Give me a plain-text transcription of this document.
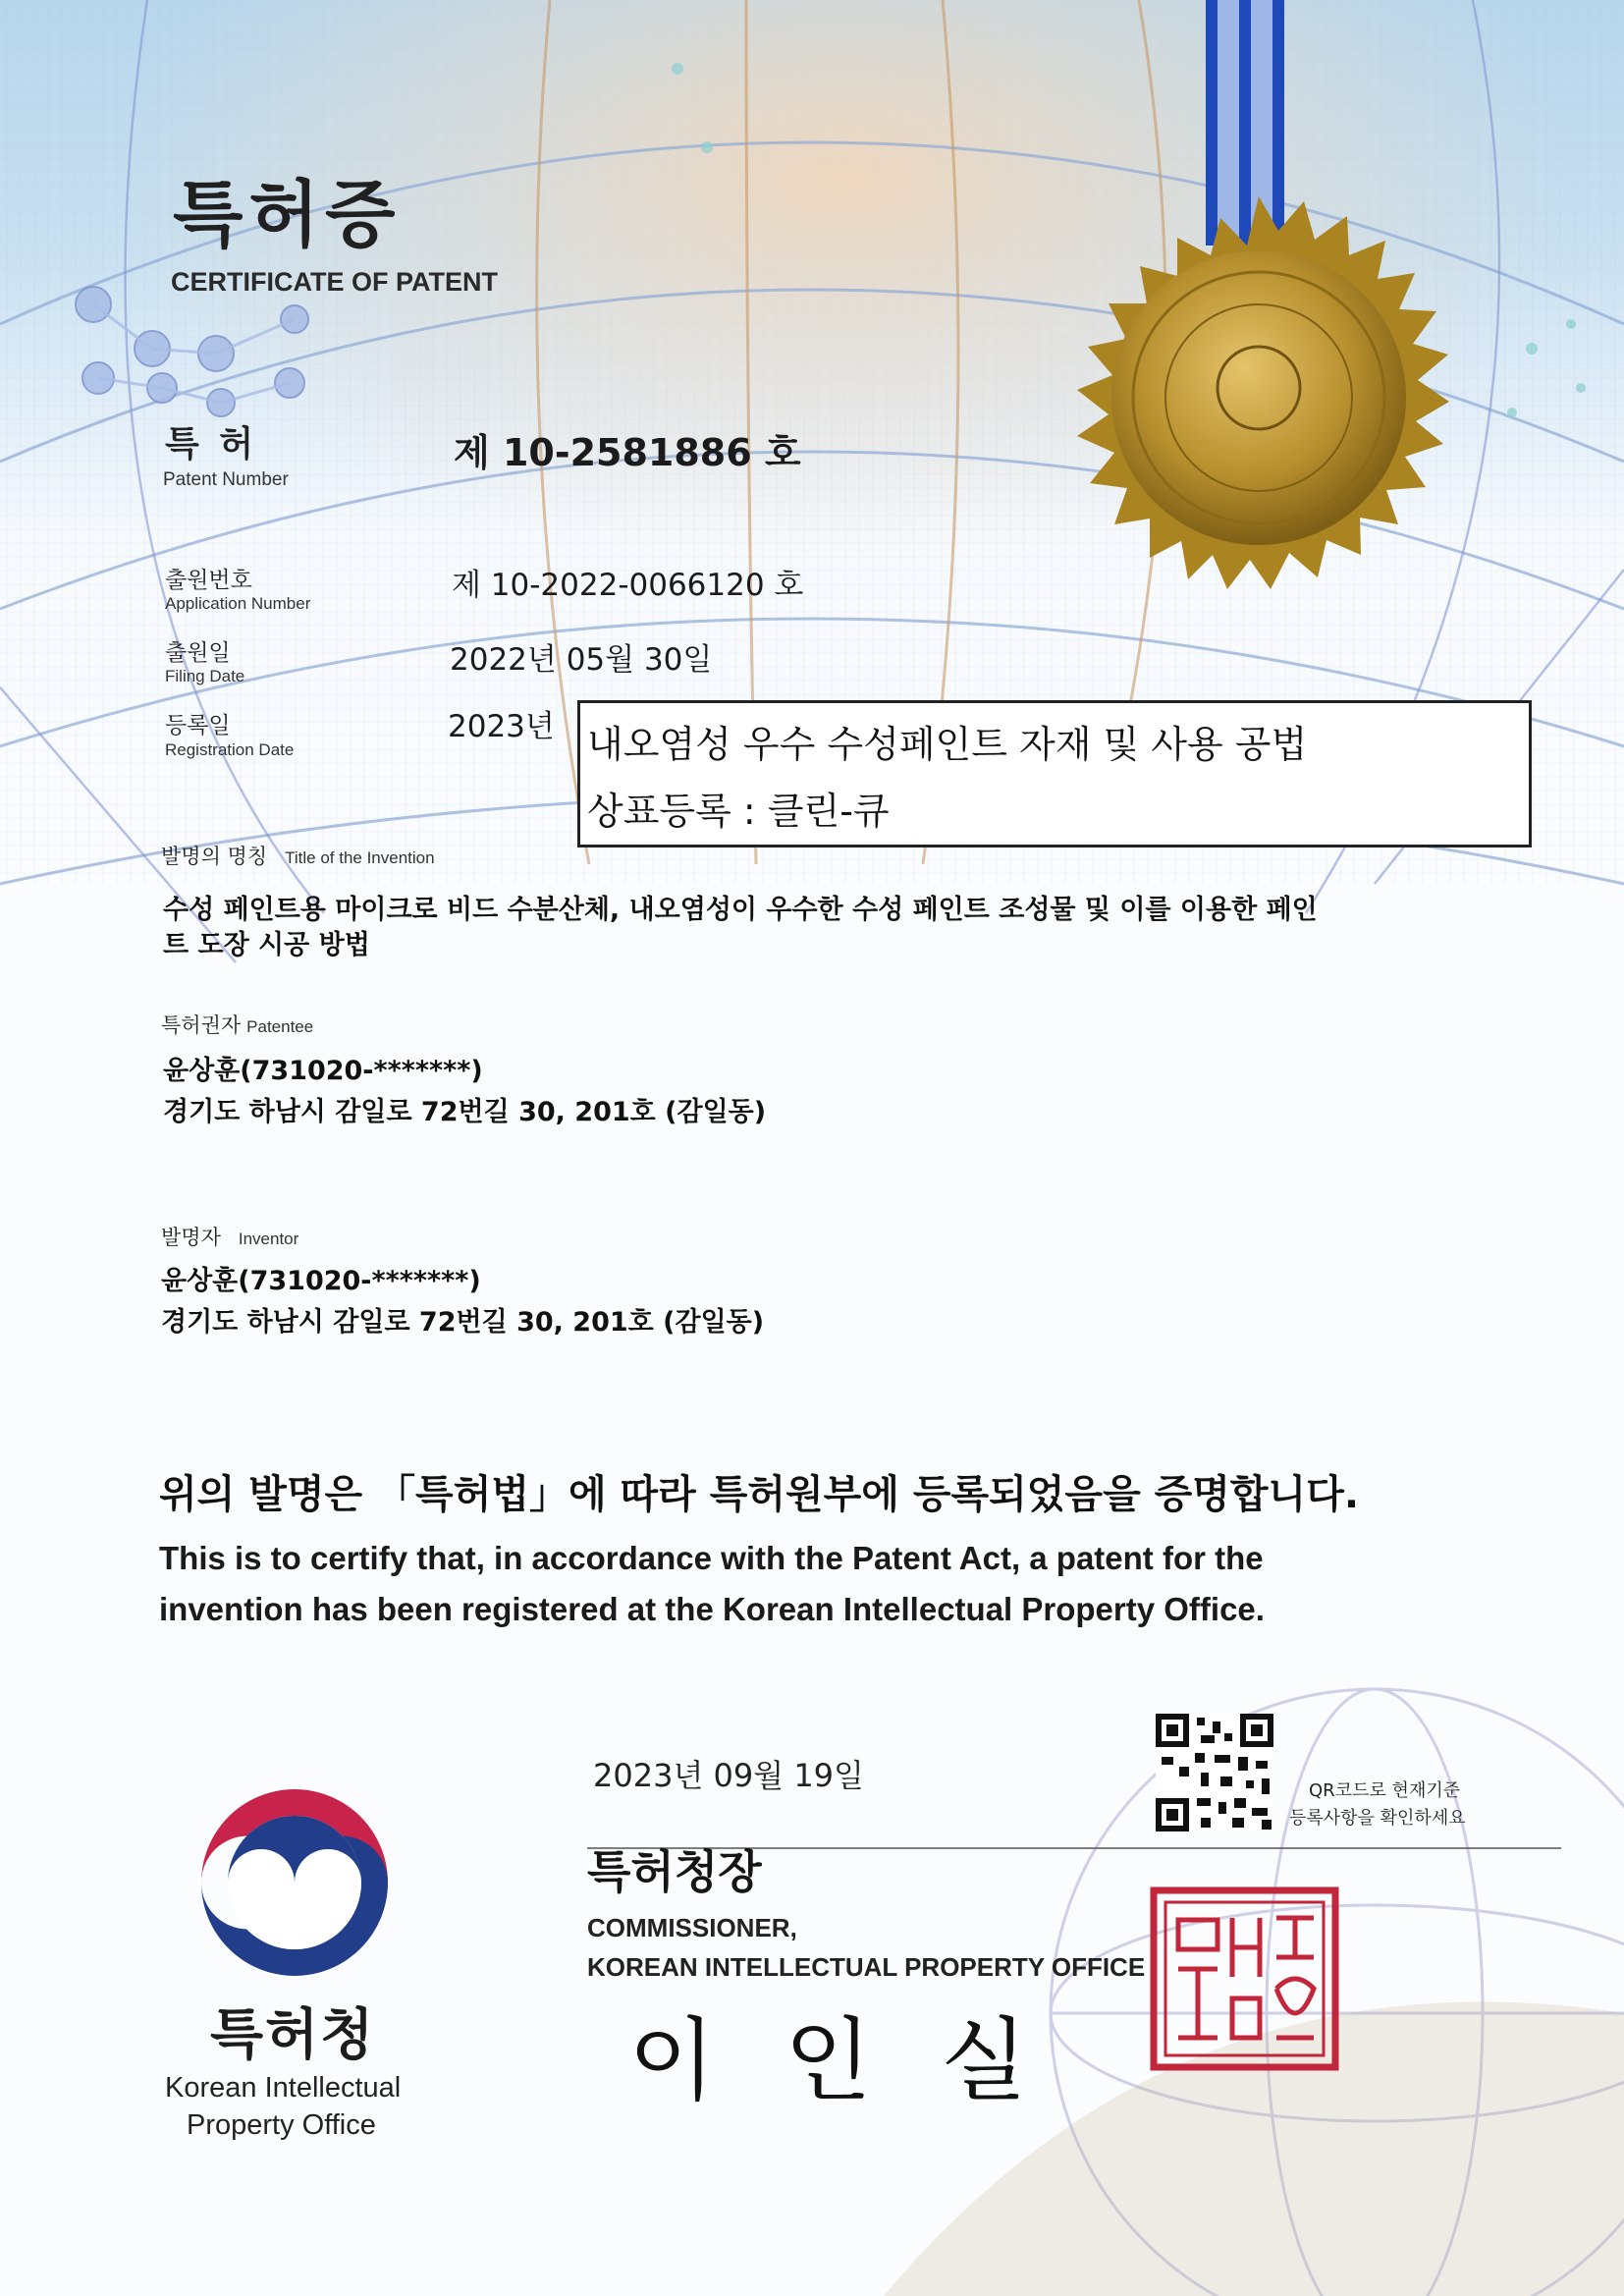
특허증
CERTIFICATE OF PATENT
특 허
Patent Number
제 10-2581886 호
출원번호
Application Number
제 10-2022-0066120 호
출원일
Filing Date	2022년 05월 30일
등록일
Registration Date
2023년 내오염성 우수 수성페인트 자재 및 사용 공법
상표등록 : 클린-큐
발명의 명칭 Title of the Invention
수성 페인트용 마이크로 비드 수분산체, 내오염성이 우수한 수성 페인트 조성물 및 이를 이용한 페인
트 도장 시공 방법
특허권자 Patentee
윤상훈(731020-*******)
경기도 하남시 감일로 72번길 30, 201호 (감일동)
발명자 Inventor
윤상훈(731020-*******)
경기도 하남시 감일로 72번길 30, 201호 (감일동)
위의 발명은 「특허법」에 따라 특허원부에 등록되었음을 증명합니다.
This is to certify that, in accordance with the Patent Act, a patent for the
invention has been registered at the Korean Intellectual Property Office.
2023년 09월 19일	QR코드로 현재기준
등록사항을 확인하세요
특허청장
COMMISSIONER,
KOREAN INTELLECTUAL PROPERTY OFFICE
이인실
특허청
Korean Intellectual
Property Office
